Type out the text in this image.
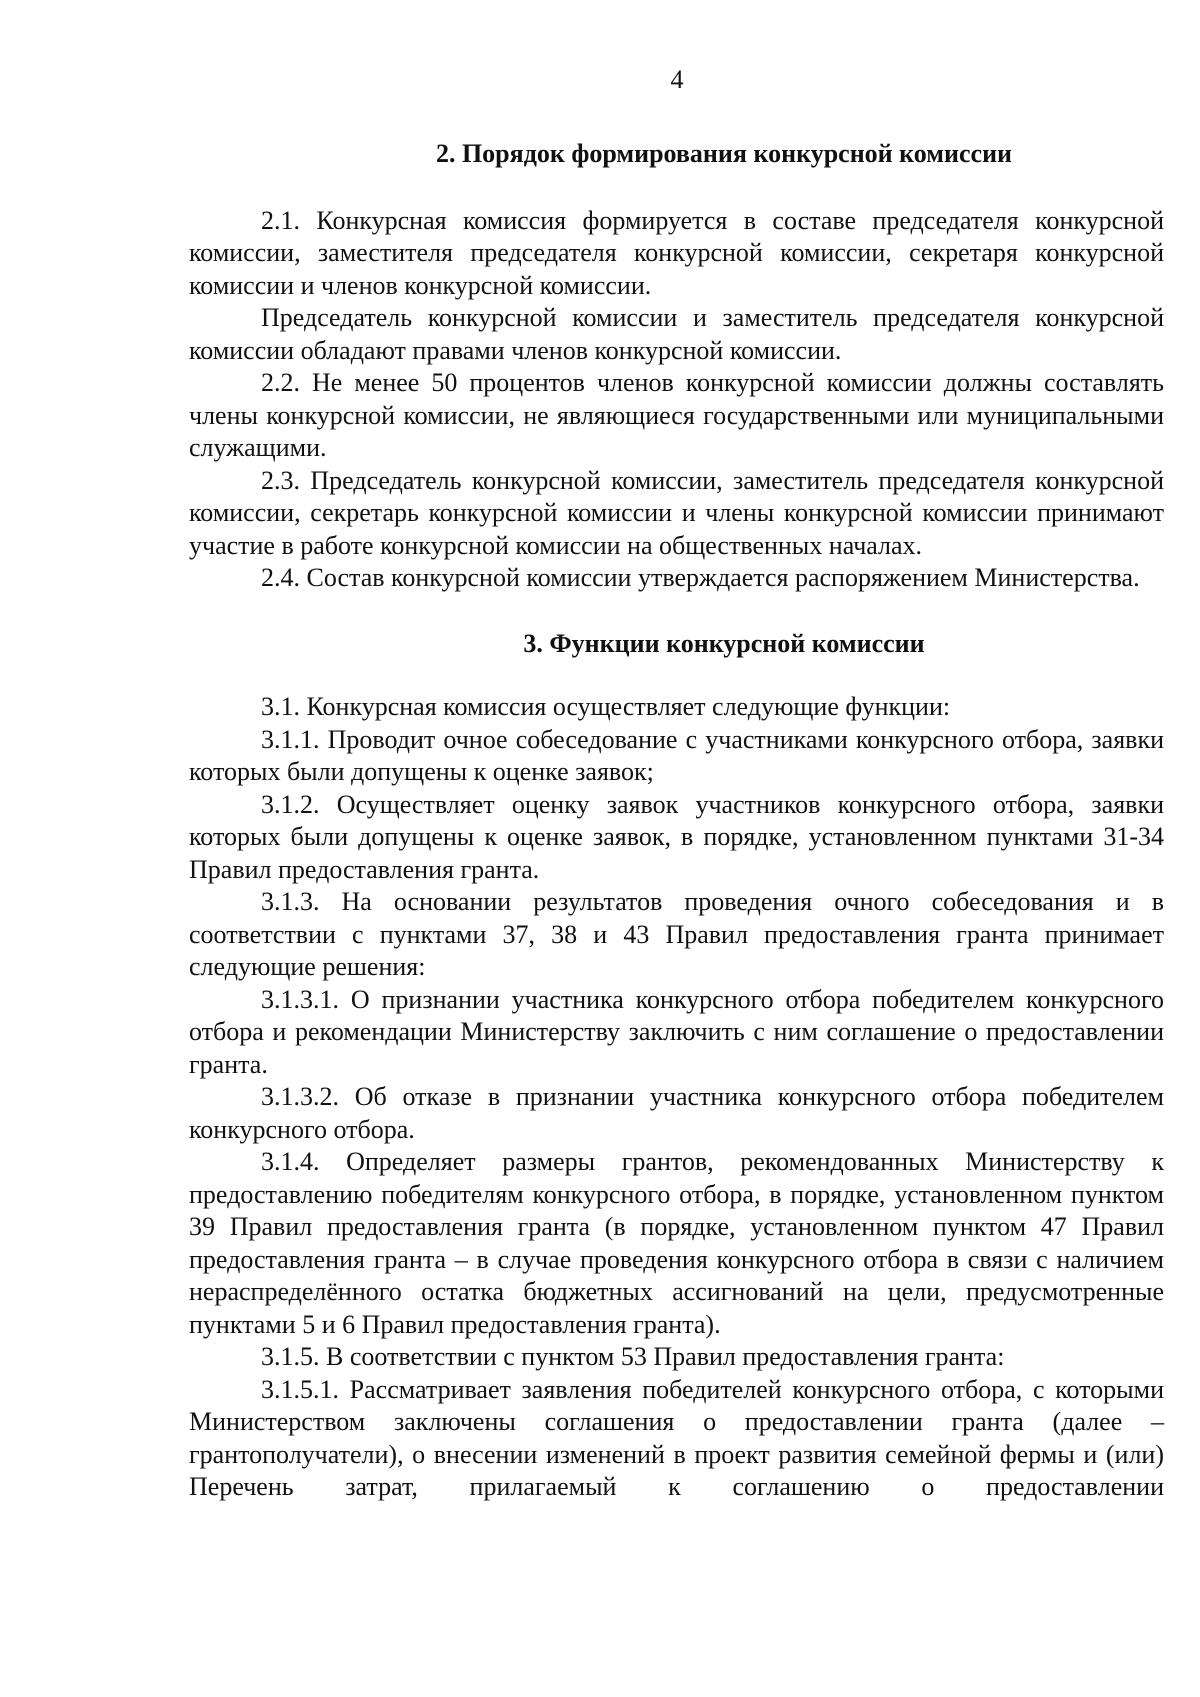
4
2. Порядок формирования конкурсной комиссии

2.1. Конкурсная комиссия формируется в составе председателя конкурсной комиссии, заместителя председателя конкурсной комиссии, секретаря конкурсной комиссии и членов конкурсной комиссии.

Председатель конкурсной комиссии и заместитель председателя конкурсной комиссии обладают правами членов конкурсной комиссии.

2.2. Не менее 50 процентов членов конкурсной комиссии должны составлять члены конкурсной комиссии, не являющиеся государственными или муниципальными служащими.

2.3. Председатель конкурсной комиссии, заместитель председателя конкурсной комиссии, секретарь конкурсной комиссии и члены конкурсной комиссии принимают участие в работе конкурсной комиссии на общественных началах.

2.4. Состав конкурсной комиссии утверждается распоряжением Министерства.

3. Функции конкурсной комиссии

3.1. Конкурсная комиссия осуществляет следующие функции:

3.1.1. Проводит очное собеседование с участниками конкурсного отбора, заявки которых были допущены к оценке заявок;

3.1.2. Осуществляет оценку заявок участников конкурсного отбора, заявки которых были допущены к оценке заявок, в порядке, установленном пунктами 31-34 Правил предоставления гранта.

3.1.3. На основании результатов проведения очного собеседования и в соответствии с пунктами 37, 38 и 43 Правил предоставления гранта принимает следующие решения:

3.1.3.1. О признании участника конкурсного отбора победителем конкурсного отбора и рекомендации Министерству заключить с ним соглашение о предоставлении гранта.

3.1.3.2. Об отказе в признании участника конкурсного отбора победителем конкурсного отбора.

3.1.4. Определяет размеры грантов, рекомендованных Министерству к предоставлению победителям конкурсного отбора, в порядке, установленном пунктом 39 Правил предоставления гранта (в порядке, установленном пунктом 47 Правил предоставления гранта – в случае проведения конкурсного отбора в связи с наличием нераспределённого остатка бюджетных ассигнований на цели, предусмотренные пунктами 5 и 6 Правил предоставления гранта).

3.1.5. В соответствии с пунктом 53 Правил предоставления гранта:

3.1.5.1. Рассматривает заявления победителей конкурсного отбора, с которыми Министерством заключены соглашения о предоставлении гранта (далее – грантополучатели), о внесении изменений в проект развития семейной фермы и (или) Перечень затрат, прилагаемый к соглашению о предоставлении
